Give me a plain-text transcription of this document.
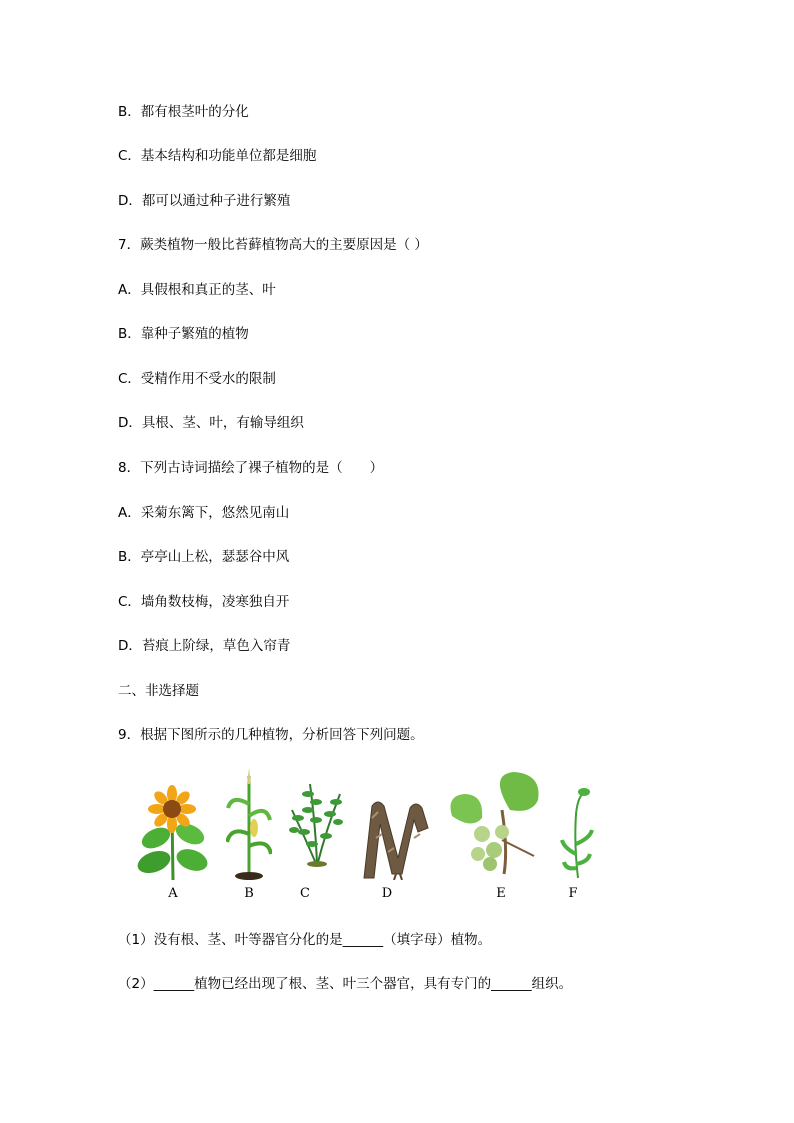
B．都有根茎叶的分化
C．基本结构和功能单位都是细胞
D．都可以通过种子进行繁殖
7．蕨类植物一般比苔藓植物高大的主要原因是（ ）
A．具假根和真正的茎、叶
B．靠种子繁殖的植物
C．受精作用不受水的限制
D．具根、茎、叶，有输导组织
8．下列古诗词描绘了裸子植物的是（　　）
A．采菊东篱下，悠然见南山
B．亭亭山上松，瑟瑟谷中风
C．墙角数枝梅，凌寒独自开
D．苔痕上阶绿，草色入帘青
二、非选择题
9．根据下图所示的几种植物，分析回答下列问题。
A	B	C	D	E	F
（1）没有根、茎、叶等器官分化的是______（填字母）植物。
（2）______植物已经出现了根、茎、叶三个器官，具有专门的______组织。
